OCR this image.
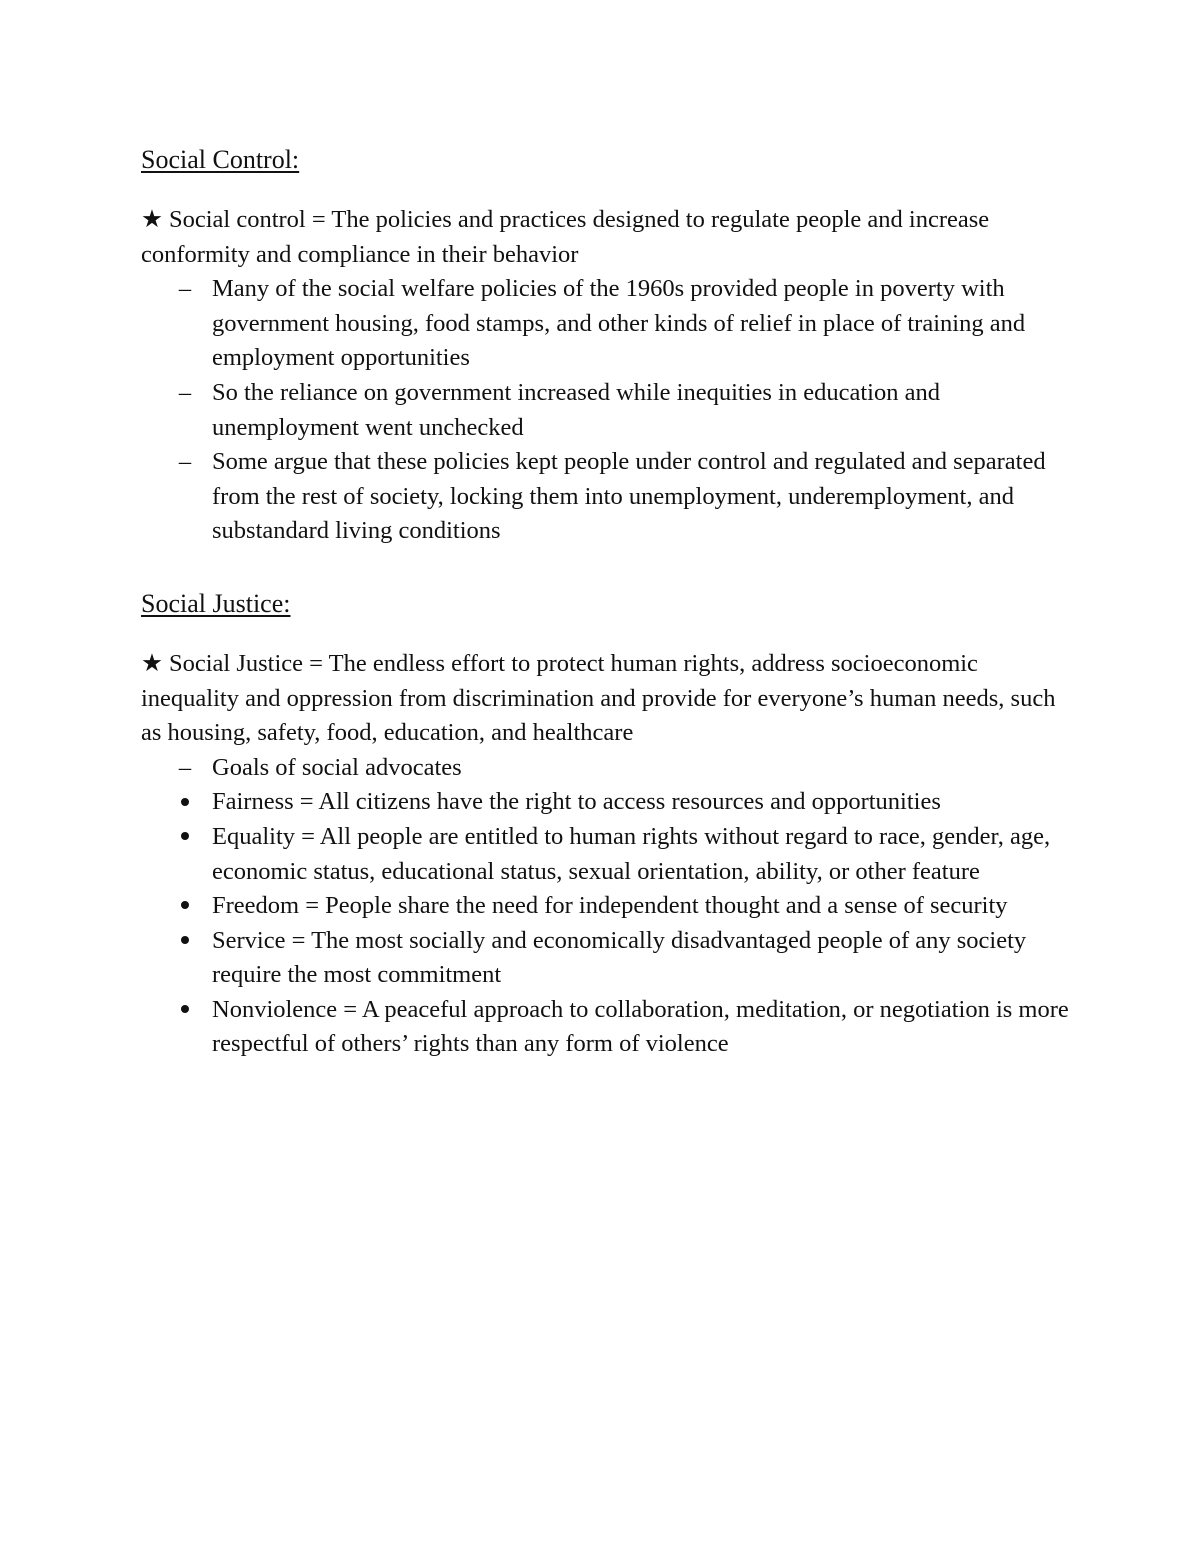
Social Control:

★ Social control = The policies and practices designed to regulate people and increase conformity and compliance in their behavior
– Many of the social welfare policies of the 1960s provided people in poverty with government housing, food stamps, and other kinds of relief in place of training and employment opportunities
– So the reliance on government increased while inequities in education and unemployment went unchecked
– Some argue that these policies kept people under control and regulated and separated from the rest of society, locking them into unemployment, underemployment, and substandard living conditions

Social Justice:

★ Social Justice = The endless effort to protect human rights, address socioeconomic inequality and oppression from discrimination and provide for everyone’s human needs, such as housing, safety, food, education, and healthcare
– Goals of social advocates
Fairness = All citizens have the right to access resources and opportunities
Equality = All people are entitled to human rights without regard to race, gender, age, economic status, educational status, sexual orientation, ability, or other feature
Freedom = People share the need for independent thought and a sense of security
Service = The most socially and economically disadvantaged people of any society require the most commitment
Nonviolence = A peaceful approach to collaboration, meditation, or negotiation is more respectful of others’ rights than any form of violence
